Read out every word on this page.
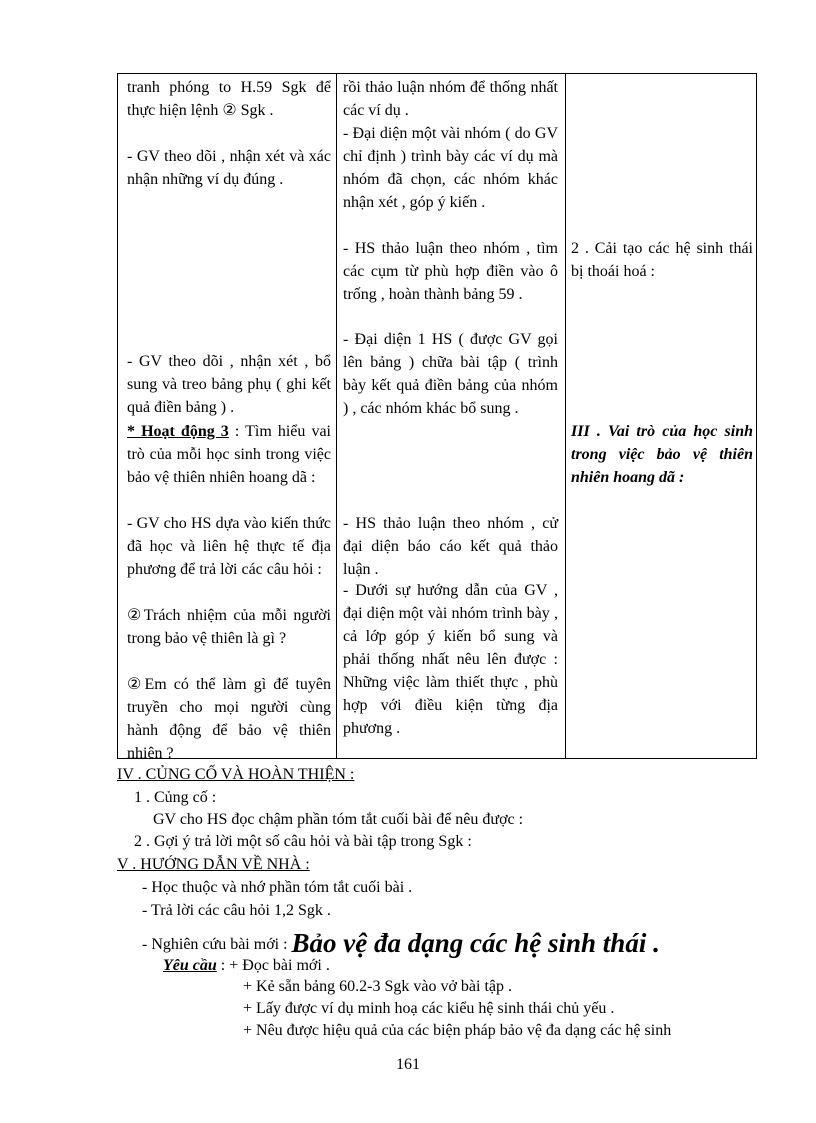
tranh phóng to H.59 Sgk để thực hiện lệnh ② Sgk .
- GV theo dõi , nhận xét và xác nhận những ví dụ đúng .
- GV theo dõi , nhận xét , bổ sung và treo bảng phụ ( ghi kết quả điền bảng ) .
* Hoạt động 3 : Tìm hiểu vai trò của mỗi học sinh trong việc bảo vệ thiên nhiên hoang dã :
- GV cho HS dựa vào kiến thức đã học và liên hệ thực tế địa phương để trả lời các câu hỏi :
②Trách nhiệm của mỗi người trong bảo vệ thiên là gì ?
②Em có thể làm gì để tuyên truyền cho mọi người cùng hành động để bảo vệ thiên nhiên ?
rồi thảo luận nhóm để thống nhất các ví dụ .
- Đại diện một vài nhóm ( do GV chỉ định ) trình bày các ví dụ mà nhóm đã chọn, các nhóm khác nhận xét , góp ý kiến .
- HS thảo luận theo nhóm , tìm các cụm từ phù hợp điền vào ô trống , hoàn thành bảng 59 .
- Đại diện 1 HS ( được GV gọi lên bảng ) chữa bài tập ( trình bày kết quả điền bảng của nhóm ) , các nhóm khác bổ sung .
- HS thảo luận theo nhóm , cử đại diện báo cáo kết quả thảo luận .
- Dưới sự hướng dẫn của GV , đại diện một vài nhóm trình bày , cả lớp góp ý kiến bổ sung và phải thống nhất nêu lên được : Những việc làm thiết thực , phù hợp với điều kiện từng địa phương .
2 . Cải tạo các hệ sinh thái bị thoái hoá :
III . Vai trò của học sinh trong việc bảo vệ thiên nhiên hoang dã :
IV . CỦNG CỐ VÀ HOÀN THIỆN :
1 . Củng cố :
GV cho HS đọc chậm phần tóm tắt cuối bài để nêu được :
2 . Gợi ý trả lời một số câu hỏi và bài tập trong Sgk :
V . HƯỚNG DẪN VỀ NHÀ :
- Học thuộc và nhớ phần tóm tắt cuối bài .
- Trả lời các câu hỏi 1,2 Sgk .
- Nghiên cứu bài mới : Bảo vệ đa dạng các hệ sinh thái .
Yêu cầu : + Đọc bài mới .
+ Kẻ sẵn bảng 60.2-3 Sgk vào vở bài tập .
+ Lấy được ví dụ minh hoạ các kiểu hệ sinh thái chủ yếu .
+ Nêu được hiệu quả của các biện pháp bảo vệ đa dạng các hệ sinh
161
